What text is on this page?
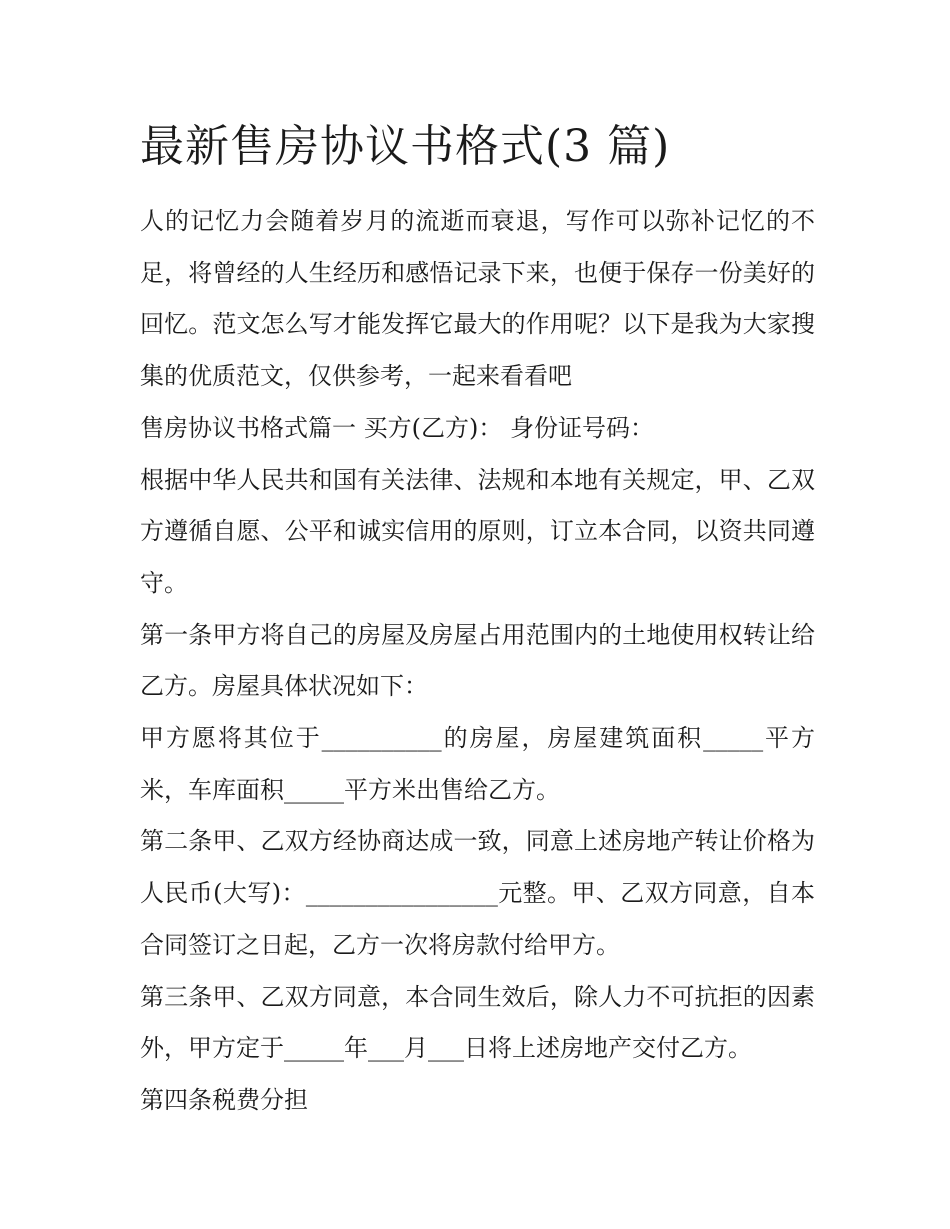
最新售房协议书格式(3 篇)

人的记忆力会随着岁月的流逝而衰退，写作可以弥补记忆的不足，将曾经的人生经历和感悟记录下来，也便于保存一份美好的回忆。范文怎么写才能发挥它最大的作用呢？以下是我为大家搜集的优质范文，仅供参考，一起来看看吧

售房协议书格式篇一 买方(乙方)： 身份证号码：

根据中华人民共和国有关法律、法规和本地有关规定，甲、乙双方遵循自愿、公平和诚实信用的原则，订立本合同，以资共同遵守。

第一条甲方将自己的房屋及房屋占用范围内的土地使用权转让给乙方。房屋具体状况如下：

甲方愿将其位于__________的房屋，房屋建筑面积_____平方米，车库面积_____平方米出售给乙方。

第二条甲、乙双方经协商达成一致，同意上述房地产转让价格为人民币(大写)：________________元整。甲、乙双方同意，自本合同签订之日起，乙方一次将房款付给甲方。

第三条甲、乙双方同意，本合同生效后，除人力不可抗拒的因素外，甲方定于_____年___月___日将上述房地产交付乙方。

第四条税费分担
